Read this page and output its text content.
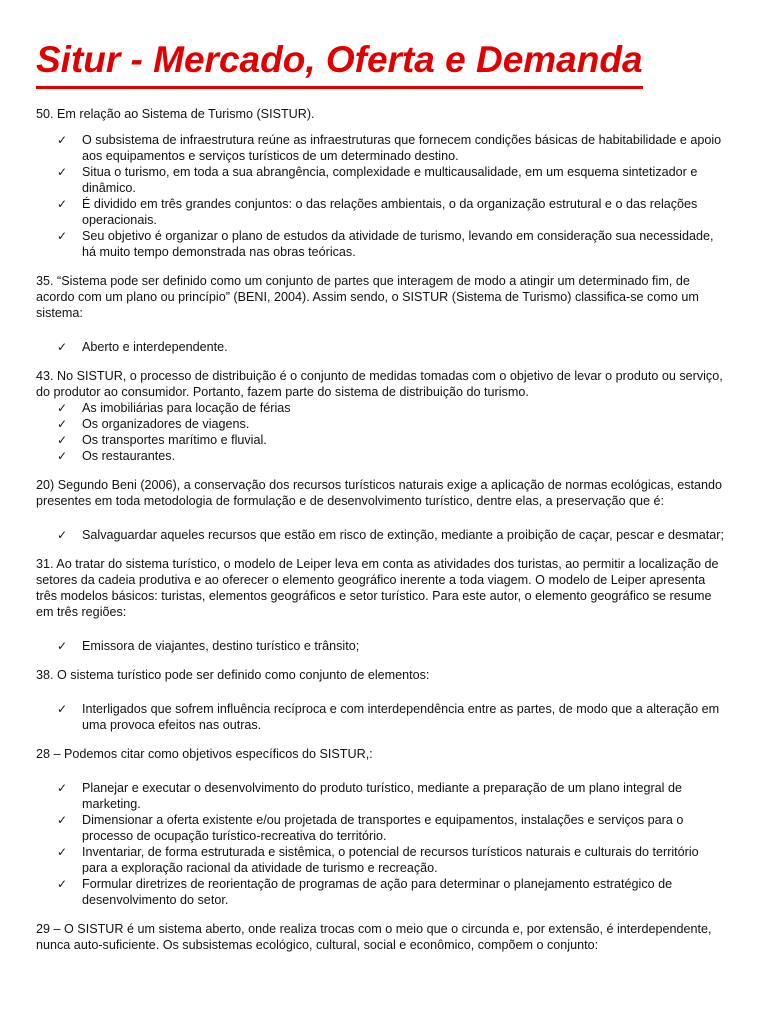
Situr - Mercado, Oferta e Demanda

50. Em relação ao Sistema de Turismo (SISTUR).

✓	O subsistema de infraestrutura reúne as infraestruturas que fornecem condições básicas de habitabilidade e apoio aos equipamentos e serviços turísticos de um determinado destino.
✓	Situa o turismo, em toda a sua abrangência, complexidade e multicausalidade, em um esquema sintetizador e dinâmico.
✓	É dividido em três grandes conjuntos: o das relações ambientais, o da organização estrutural e o das relações operacionais.
✓	Seu objetivo é organizar o plano de estudos da atividade de turismo, levando em consideração sua necessidade, há muito tempo demonstrada nas obras teóricas.

35. “Sistema pode ser definido como um conjunto de partes que interagem de modo a atingir um determinado fim, de acordo com um plano ou princípio” (BENI, 2004). Assim sendo, o SISTUR (Sistema de Turismo) classifica-se como um sistema:

✓	Aberto e interdependente.

43. No SISTUR, o processo de distribuição é o conjunto de medidas tomadas com o objetivo de levar o produto ou serviço, do produtor ao consumidor. Portanto, fazem parte do sistema de distribuição do turismo.

✓	As imobiliárias para locação de férias
✓	Os organizadores de viagens.
✓	Os transportes marítimo e fluvial.
✓	Os restaurantes.

20) Segundo Beni (2006), a conservação dos recursos turísticos naturais exige a aplicação de normas ecológicas, estando presentes em toda metodologia de formulação e de desenvolvimento turístico, dentre elas, a preservação que é:

✓	Salvaguardar aqueles recursos que estão em risco de extinção, mediante a proibição de caçar, pescar e desmatar;

31. Ao tratar do sistema turístico, o modelo de Leiper leva em conta as atividades dos turistas, ao permitir a localização de setores da cadeia produtiva e ao oferecer o elemento geográfico inerente a toda viagem. O modelo de Leiper apresenta três modelos básicos: turistas, elementos geográficos e setor turístico. Para este autor, o elemento geográfico se resume em três regiões:

✓	Emissora de viajantes, destino turístico e trânsito;

38. O sistema turístico pode ser definido como conjunto de elementos:

✓	Interligados que sofrem influência recíproca e com interdependência entre as partes, de modo que a alteração em uma provoca efeitos nas outras.

28 – Podemos citar como objetivos específicos do SISTUR,:

✓	Planejar e executar o desenvolvimento do produto turístico, mediante a preparação de um plano integral de marketing.
✓	Dimensionar a oferta existente e/ou projetada de transportes e equipamentos, instalações e serviços para o processo de ocupação turístico-recreativa do território.
✓	Inventariar, de forma estruturada e sistêmica, o potencial de recursos turísticos naturais e culturais do território para a exploração racional da atividade de turismo e recreação.
✓	Formular diretrizes de reorientação de programas de ação para determinar o planejamento estratégico de desenvolvimento do setor.

29 – O SISTUR é um sistema aberto, onde realiza trocas com o meio que o circunda e, por extensão, é interdependente, nunca auto-suficiente. Os subsistemas ecológico, cultural, social e econômico, compõem o conjunto:
